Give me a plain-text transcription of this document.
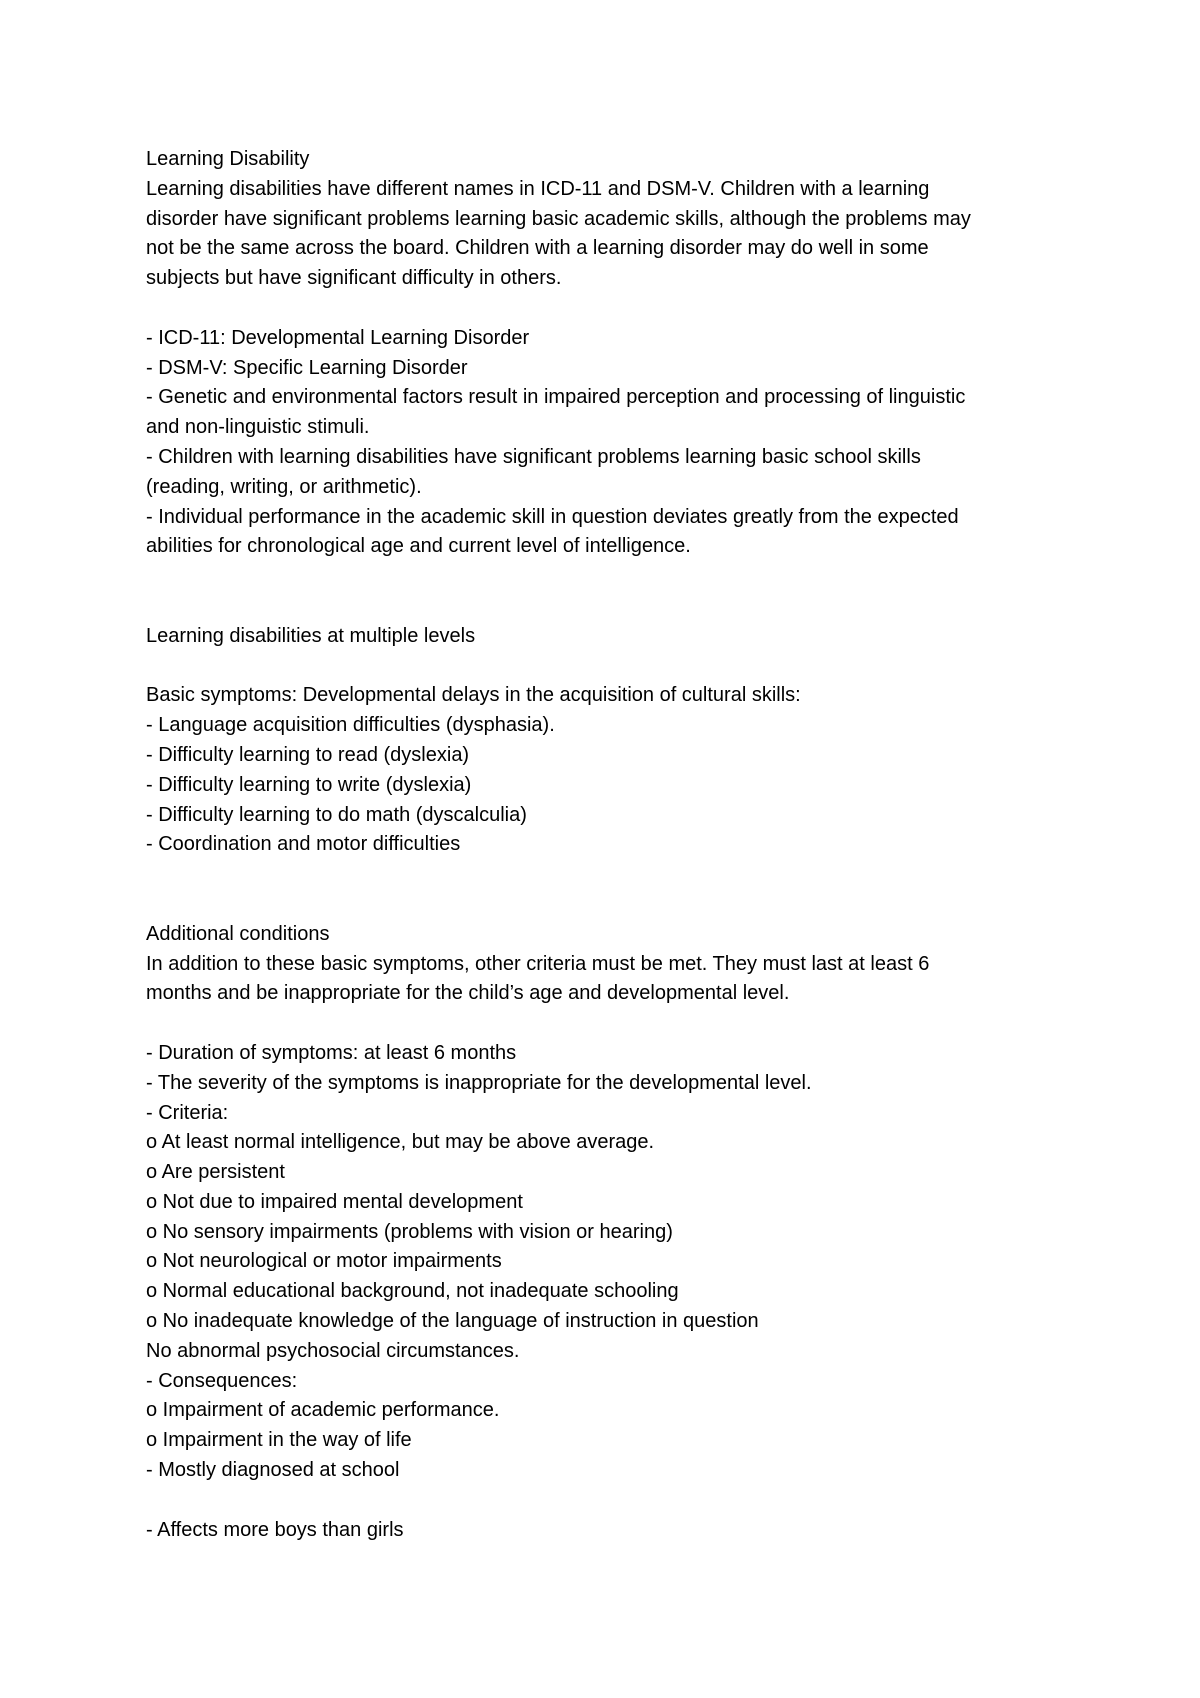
Learning Disability
Learning disabilities have different names in ICD-11 and DSM-V. Children with a learning
disorder have significant problems learning basic academic skills, although the problems may
not be the same across the board. Children with a learning disorder may do well in some
subjects but have significant difficulty in others.
- ICD-11: Developmental Learning Disorder
- DSM-V: Specific Learning Disorder
- Genetic and environmental factors result in impaired perception and processing of linguistic
and non-linguistic stimuli.
- Children with learning disabilities have significant problems learning basic school skills
(reading, writing, or arithmetic).
- Individual performance in the academic skill in question deviates greatly from the expected
abilities for chronological age and current level of intelligence.
Learning disabilities at multiple levels
Basic symptoms: Developmental delays in the acquisition of cultural skills:
- Language acquisition difficulties (dysphasia).
- Difficulty learning to read (dyslexia)
- Difficulty learning to write (dyslexia)
- Difficulty learning to do math (dyscalculia)
- Coordination and motor difficulties
Additional conditions
In addition to these basic symptoms, other criteria must be met. They must last at least 6
months and be inappropriate for the child’s age and developmental level.
- Duration of symptoms: at least 6 months
- The severity of the symptoms is inappropriate for the developmental level.
- Criteria:
o At least normal intelligence, but may be above average.
o Are persistent
o Not due to impaired mental development
o No sensory impairments (problems with vision or hearing)
o Not neurological or motor impairments
o Normal educational background, not inadequate schooling
o No inadequate knowledge of the language of instruction in question
No abnormal psychosocial circumstances.
- Consequences:
o Impairment of academic performance.
o Impairment in the way of life
- Mostly diagnosed at school
- Affects more boys than girls
